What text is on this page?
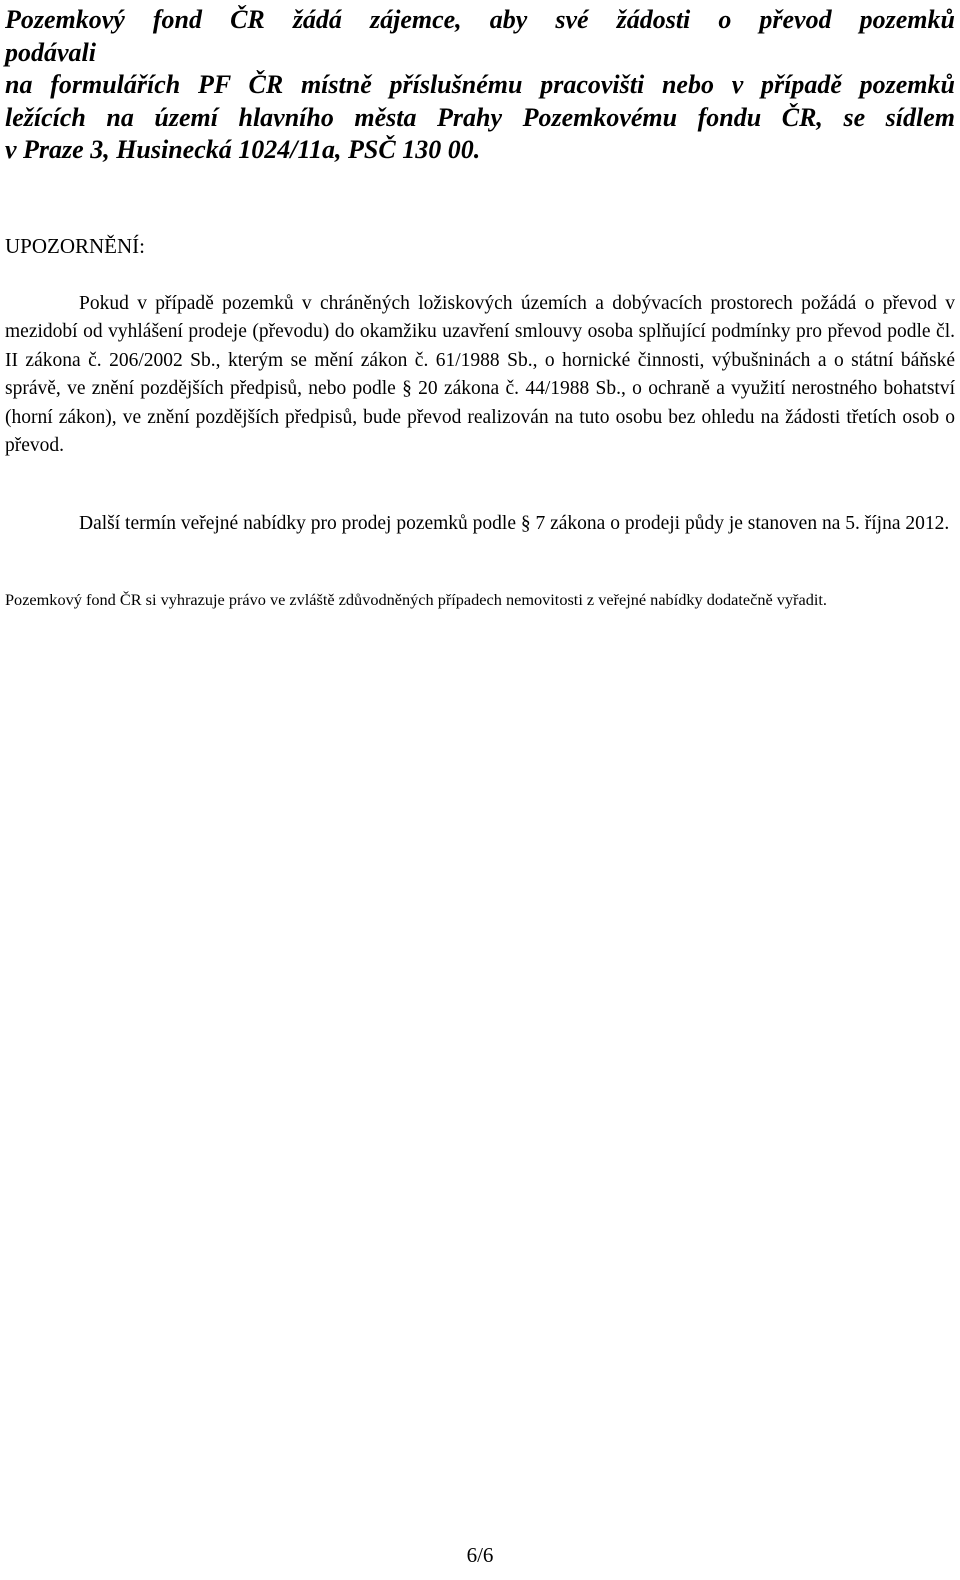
Pozemkový fond ČR žádá zájemce, aby své žádosti o převod pozemků
podávali
na formulářích PF ČR místně příslušnému pracovišti nebo v případě pozemků
ležících na území hlavního města Prahy Pozemkovému fondu ČR, se sídlem
v Praze 3, Husinecká 1024/11a, PSČ 130 00.

UPOZORNĚNÍ:

Pokud v případě pozemků v chráněných ložiskových územích a dobývacích prostorech požádá o převod v mezidobí od vyhlášení prodeje (převodu) do okamžiku uzavření smlouvy osoba splňující podmínky pro převod podle čl. II zákona č. 206/2002 Sb., kterým se mění zákon č. 61/1988 Sb., o hornické činnosti, výbušninách a o státní báňské správě, ve znění pozdějších předpisů, nebo podle § 20 zákona č. 44/1988 Sb., o ochraně a využití nerostného bohatství (horní zákon), ve znění pozdějších předpisů, bude převod realizován na tuto osobu bez ohledu na žádosti třetích osob o převod.

Další termín veřejné nabídky pro prodej pozemků podle § 7 zákona o prodeji půdy je stanoven na 5. října 2012.

Pozemkový fond ČR si vyhrazuje právo ve zvláště zdůvodněných případech nemovitosti z veřejné nabídky dodatečně vyřadit.

6/6
